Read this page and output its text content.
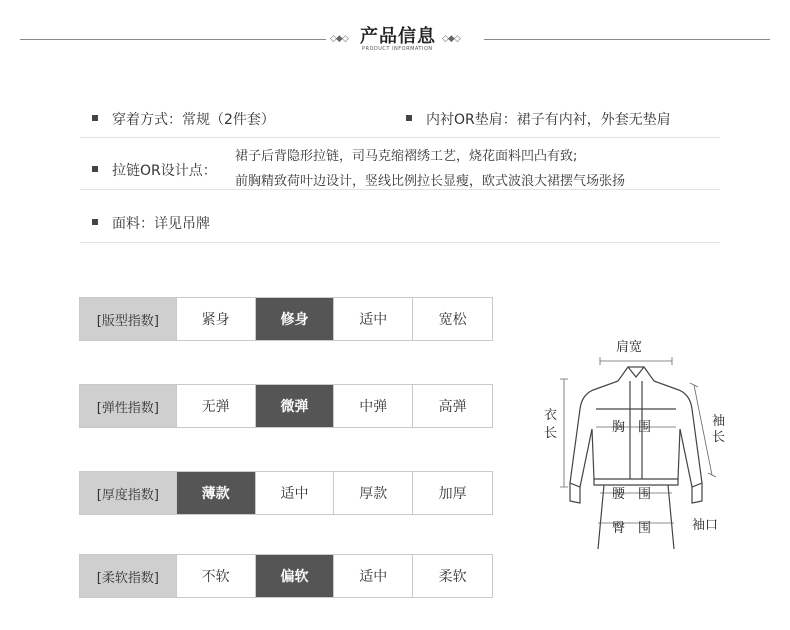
◇◆◇	◇◆◇
产品信息
PRODUCT INFORMATION
穿着方式：常规（2件套）	内衬OR垫肩：裙子有内衬，外套无垫肩
拉链OR设计点：
裙子后背隐形拉链，司马克缩褶绣工艺，烧花面料凹凸有致;
前胸精致荷叶边设计，竖线比例拉长显瘦，欧式波浪大裙摆气场张扬
面料：详见吊牌
[版型指数]	紧身	修身	适中	宽松
[弹性指数]	无弹	微弹	中弹	高弹
[厚度指数]	薄款	适中	厚款	加厚
[柔软指数]	不软	偏软	适中	柔软
肩宽
衣
长
袖
长
胸　围
腰　围
臀　围	袖口
